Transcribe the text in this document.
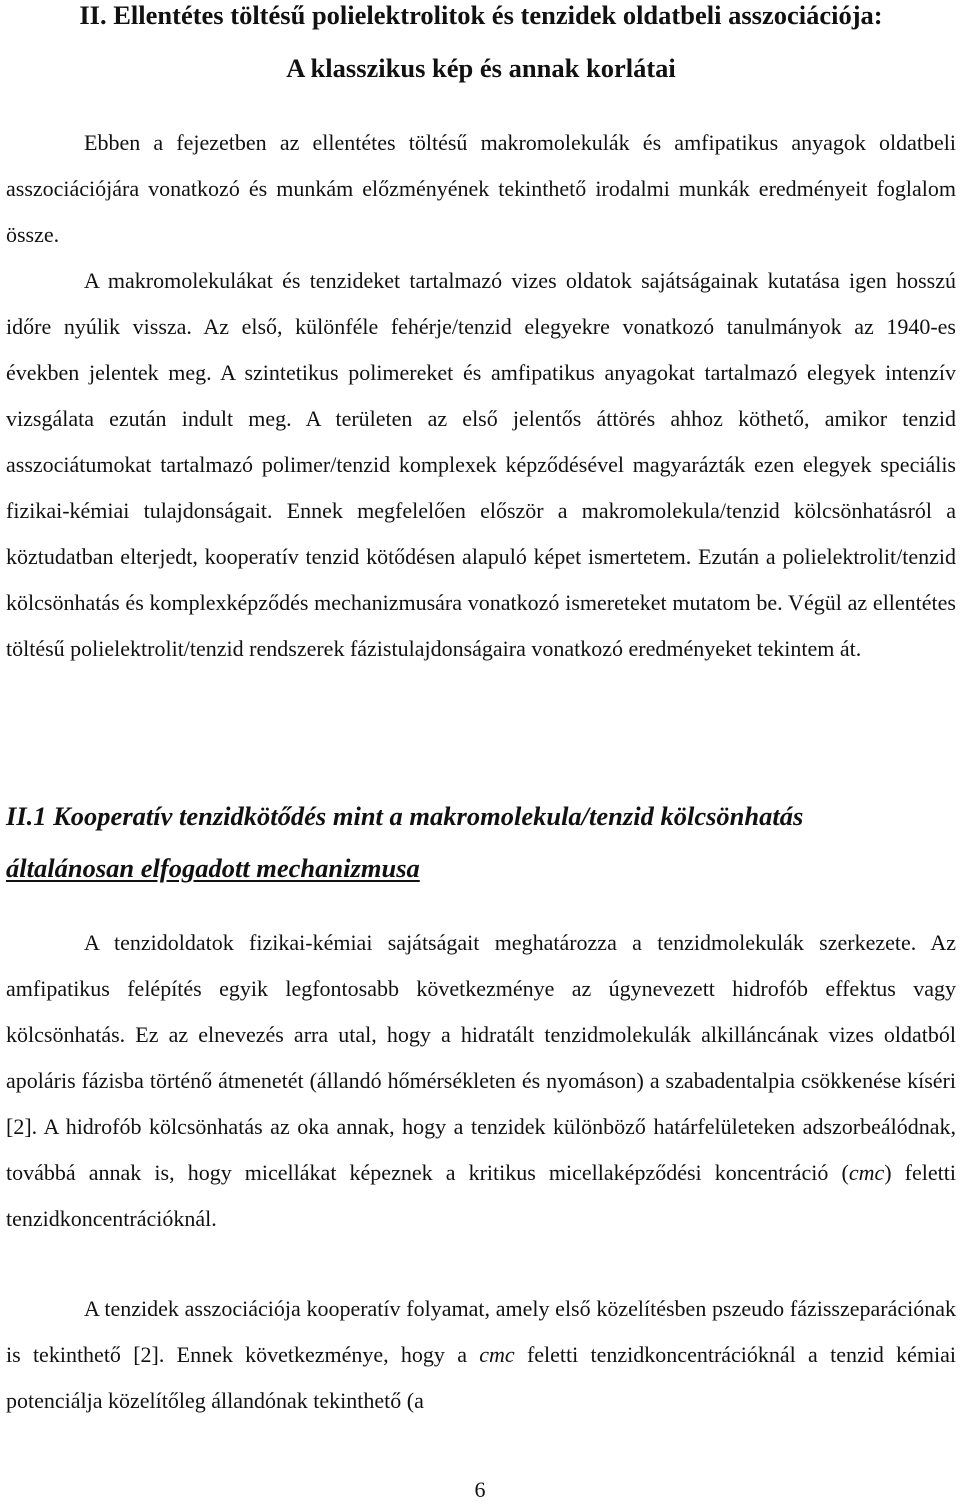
II. Ellentétes töltésű polielektrolitok és tenzidek oldatbeli asszociációja:
A klasszikus kép és annak korlátai

Ebben a fejezetben az ellentétes töltésű makromolekulák és amfipatikus anyagok oldatbeli asszociációjára vonatkozó és munkám előzményének tekinthető irodalmi munkák eredményeit foglalom össze.

A makromolekulákat és tenzideket tartalmazó vizes oldatok sajátságainak kutatása igen hosszú időre nyúlik vissza. Az első, különféle fehérje/tenzid elegyekre vonatkozó tanulmányok az 1940-es években jelentek meg. A szintetikus polimereket és amfipatikus anyagokat tartalmazó elegyek intenzív vizsgálata ezután indult meg. A területen az első jelentős áttörés ahhoz köthető, amikor tenzid asszociátumokat tartalmazó polimer/tenzid komplexek képződésével magyarázták ezen elegyek speciális fizikai-kémiai tulajdonságait. Ennek megfelelően először a makromolekula/tenzid kölcsönhatásról a köztudatban elterjedt, kooperatív tenzid kötődésen alapuló képet ismertetem. Ezután a polielektrolit/tenzid kölcsönhatás és komplexképződés mechanizmusára vonatkozó ismereteket mutatom be. Végül az ellentétes töltésű polielektrolit/tenzid rendszerek fázistulajdonságaira vonatkozó eredményeket tekintem át.

II.1 Kooperatív tenzidkötődés mint a makromolekula/tenzid kölcsönhatás
általánosan elfogadott mechanizmusa

A tenzidoldatok fizikai-kémiai sajátságait meghatározza a tenzidmolekulák szerkezete. Az amfipatikus felépítés egyik legfontosabb következménye az úgynevezett hidrofób effektus vagy kölcsönhatás. Ez az elnevezés arra utal, hogy a hidratált tenzidmolekulák alkilláncának vizes oldatból apoláris fázisba történő átmenetét (állandó hőmérsékleten és nyomáson) a szabadentalpia csökkenése kíséri [2]. A hidrofób kölcsönhatás az oka annak, hogy a tenzidek különböző határfelületeken adszorbeálódnak, továbbá annak is, hogy micellákat képeznek a kritikus micellaképződési koncentráció (cmc) feletti tenzidkoncentrációknál.

A tenzidek asszociációja kooperatív folyamat, amely első közelítésben pszeudo fázisszeparációnak is tekinthető [2]. Ennek következménye, hogy a cmc feletti tenzidkoncentrációknál a tenzid kémiai potenciálja közelítőleg állandónak tekinthető (a

6
